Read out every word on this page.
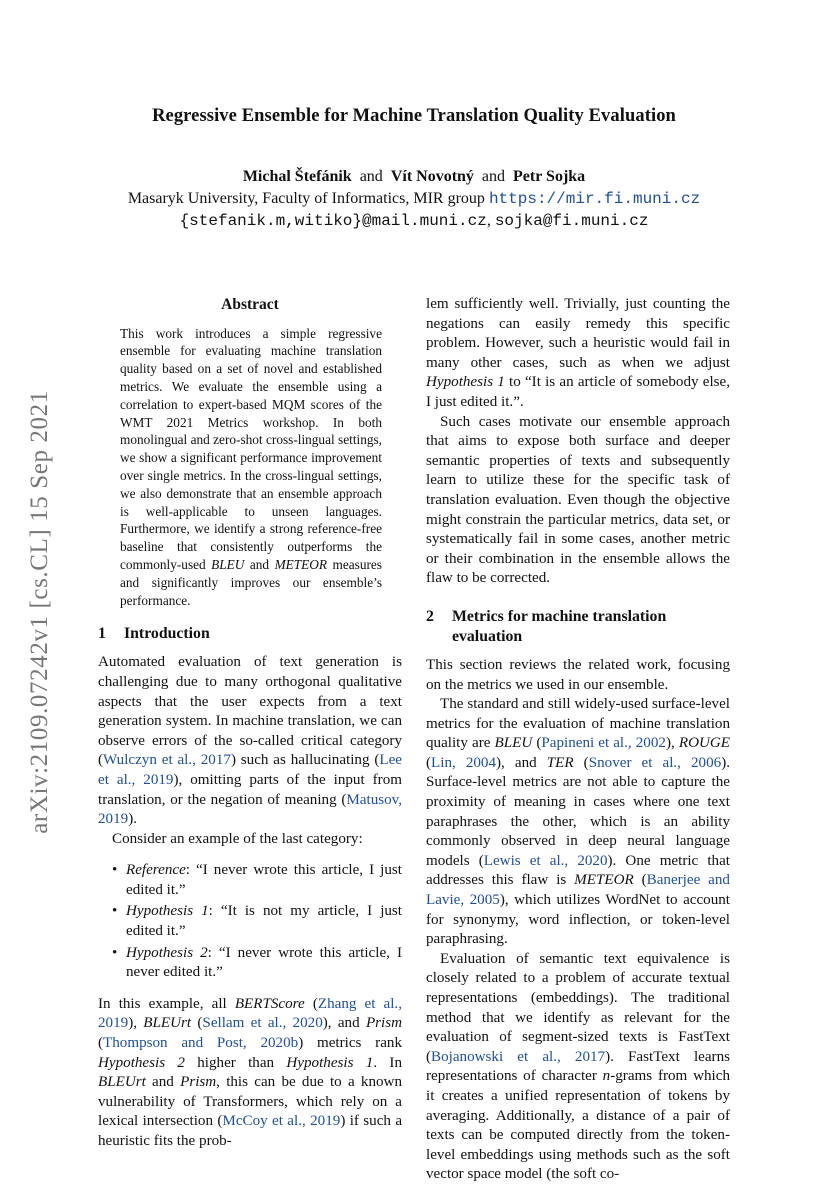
arXiv:2109.07242v1 [cs.CL] 15 Sep 2021
Regressive Ensemble for Machine Translation Quality Evaluation
Michal Štefánik and Vít Novotný and Petr Sojka
Masaryk University, Faculty of Informatics, MIR group https://mir.fi.muni.cz
{stefanik.m,witiko}@mail.muni.cz, sojka@fi.muni.cz
Abstract

This work introduces a simple regressive ensemble for evaluating machine translation quality based on a set of novel and established metrics. We evaluate the ensemble using a correlation to expert-based MQM scores of the WMT 2021 Metrics workshop. In both monolingual and zero-shot cross-lingual settings, we show a significant performance improvement over single metrics. In the cross-lingual settings, we also demonstrate that an ensemble approach is well-applicable to unseen languages. Furthermore, we identify a strong reference-free baseline that consistently outperforms the commonly-used BLEU and METEOR measures and significantly improves our ensemble’s performance.

1	Introduction

Automated evaluation of text generation is challenging due to many orthogonal qualitative aspects that the user expects from a text generation system. In machine translation, we can observe errors of the so-called critical category (Wulczyn et al., 2017) such as hallucinating (Lee et al., 2019), omitting parts of the input from translation, or the negation of meaning (Matusov, 2019).

Consider an example of the last category:

• Reference: “I never wrote this article, I just edited it.”
• Hypothesis 1: “It is not my article, I just edited it.”
• Hypothesis 2: “I never wrote this article, I never edited it.”

In this example, all BERTScore (Zhang et al., 2019), BLEUrt (Sellam et al., 2020), and Prism (Thompson and Post, 2020b) metrics rank Hypothesis 2 higher than Hypothesis 1. In BLEUrt and Prism, this can be due to a known vulnerability of Transformers, which rely on a lexical intersection (McCoy et al., 2019) if such a heuristic fits the prob-

lem sufficiently well. Trivially, just counting the negations can easily remedy this specific problem. However, such a heuristic would fail in many other cases, such as when we adjust Hypothesis 1 to “It is an article of somebody else, I just edited it.”.

Such cases motivate our ensemble approach that aims to expose both surface and deeper semantic properties of texts and subsequently learn to utilize these for the specific task of translation evaluation. Even though the objective might constrain the particular metrics, data set, or systematically fail in some cases, another metric or their combination in the ensemble allows the flaw to be corrected.

2	Metrics for machine translation evaluation

This section reviews the related work, focusing on the metrics we used in our ensemble.

The standard and still widely-used surface-level metrics for the evaluation of machine translation quality are BLEU (Papineni et al., 2002), ROUGE (Lin, 2004), and TER (Snover et al., 2006). Surface-level metrics are not able to capture the proximity of meaning in cases where one text paraphrases the other, which is an ability commonly observed in deep neural language models (Lewis et al., 2020). One metric that addresses this flaw is METEOR (Banerjee and Lavie, 2005), which utilizes WordNet to account for synonymy, word inflection, or token-level paraphrasing.

Evaluation of semantic text equivalence is closely related to a problem of accurate textual representations (embeddings). The traditional method that we identify as relevant for the evaluation of segment-sized texts is FastText (Bojanowski et al., 2017). FastText learns representations of character n-grams from which it creates a unified representation of tokens by averaging. Additionally, a distance of a pair of texts can be computed directly from the token-level embeddings using methods such as the soft vector space model (the soft co-
